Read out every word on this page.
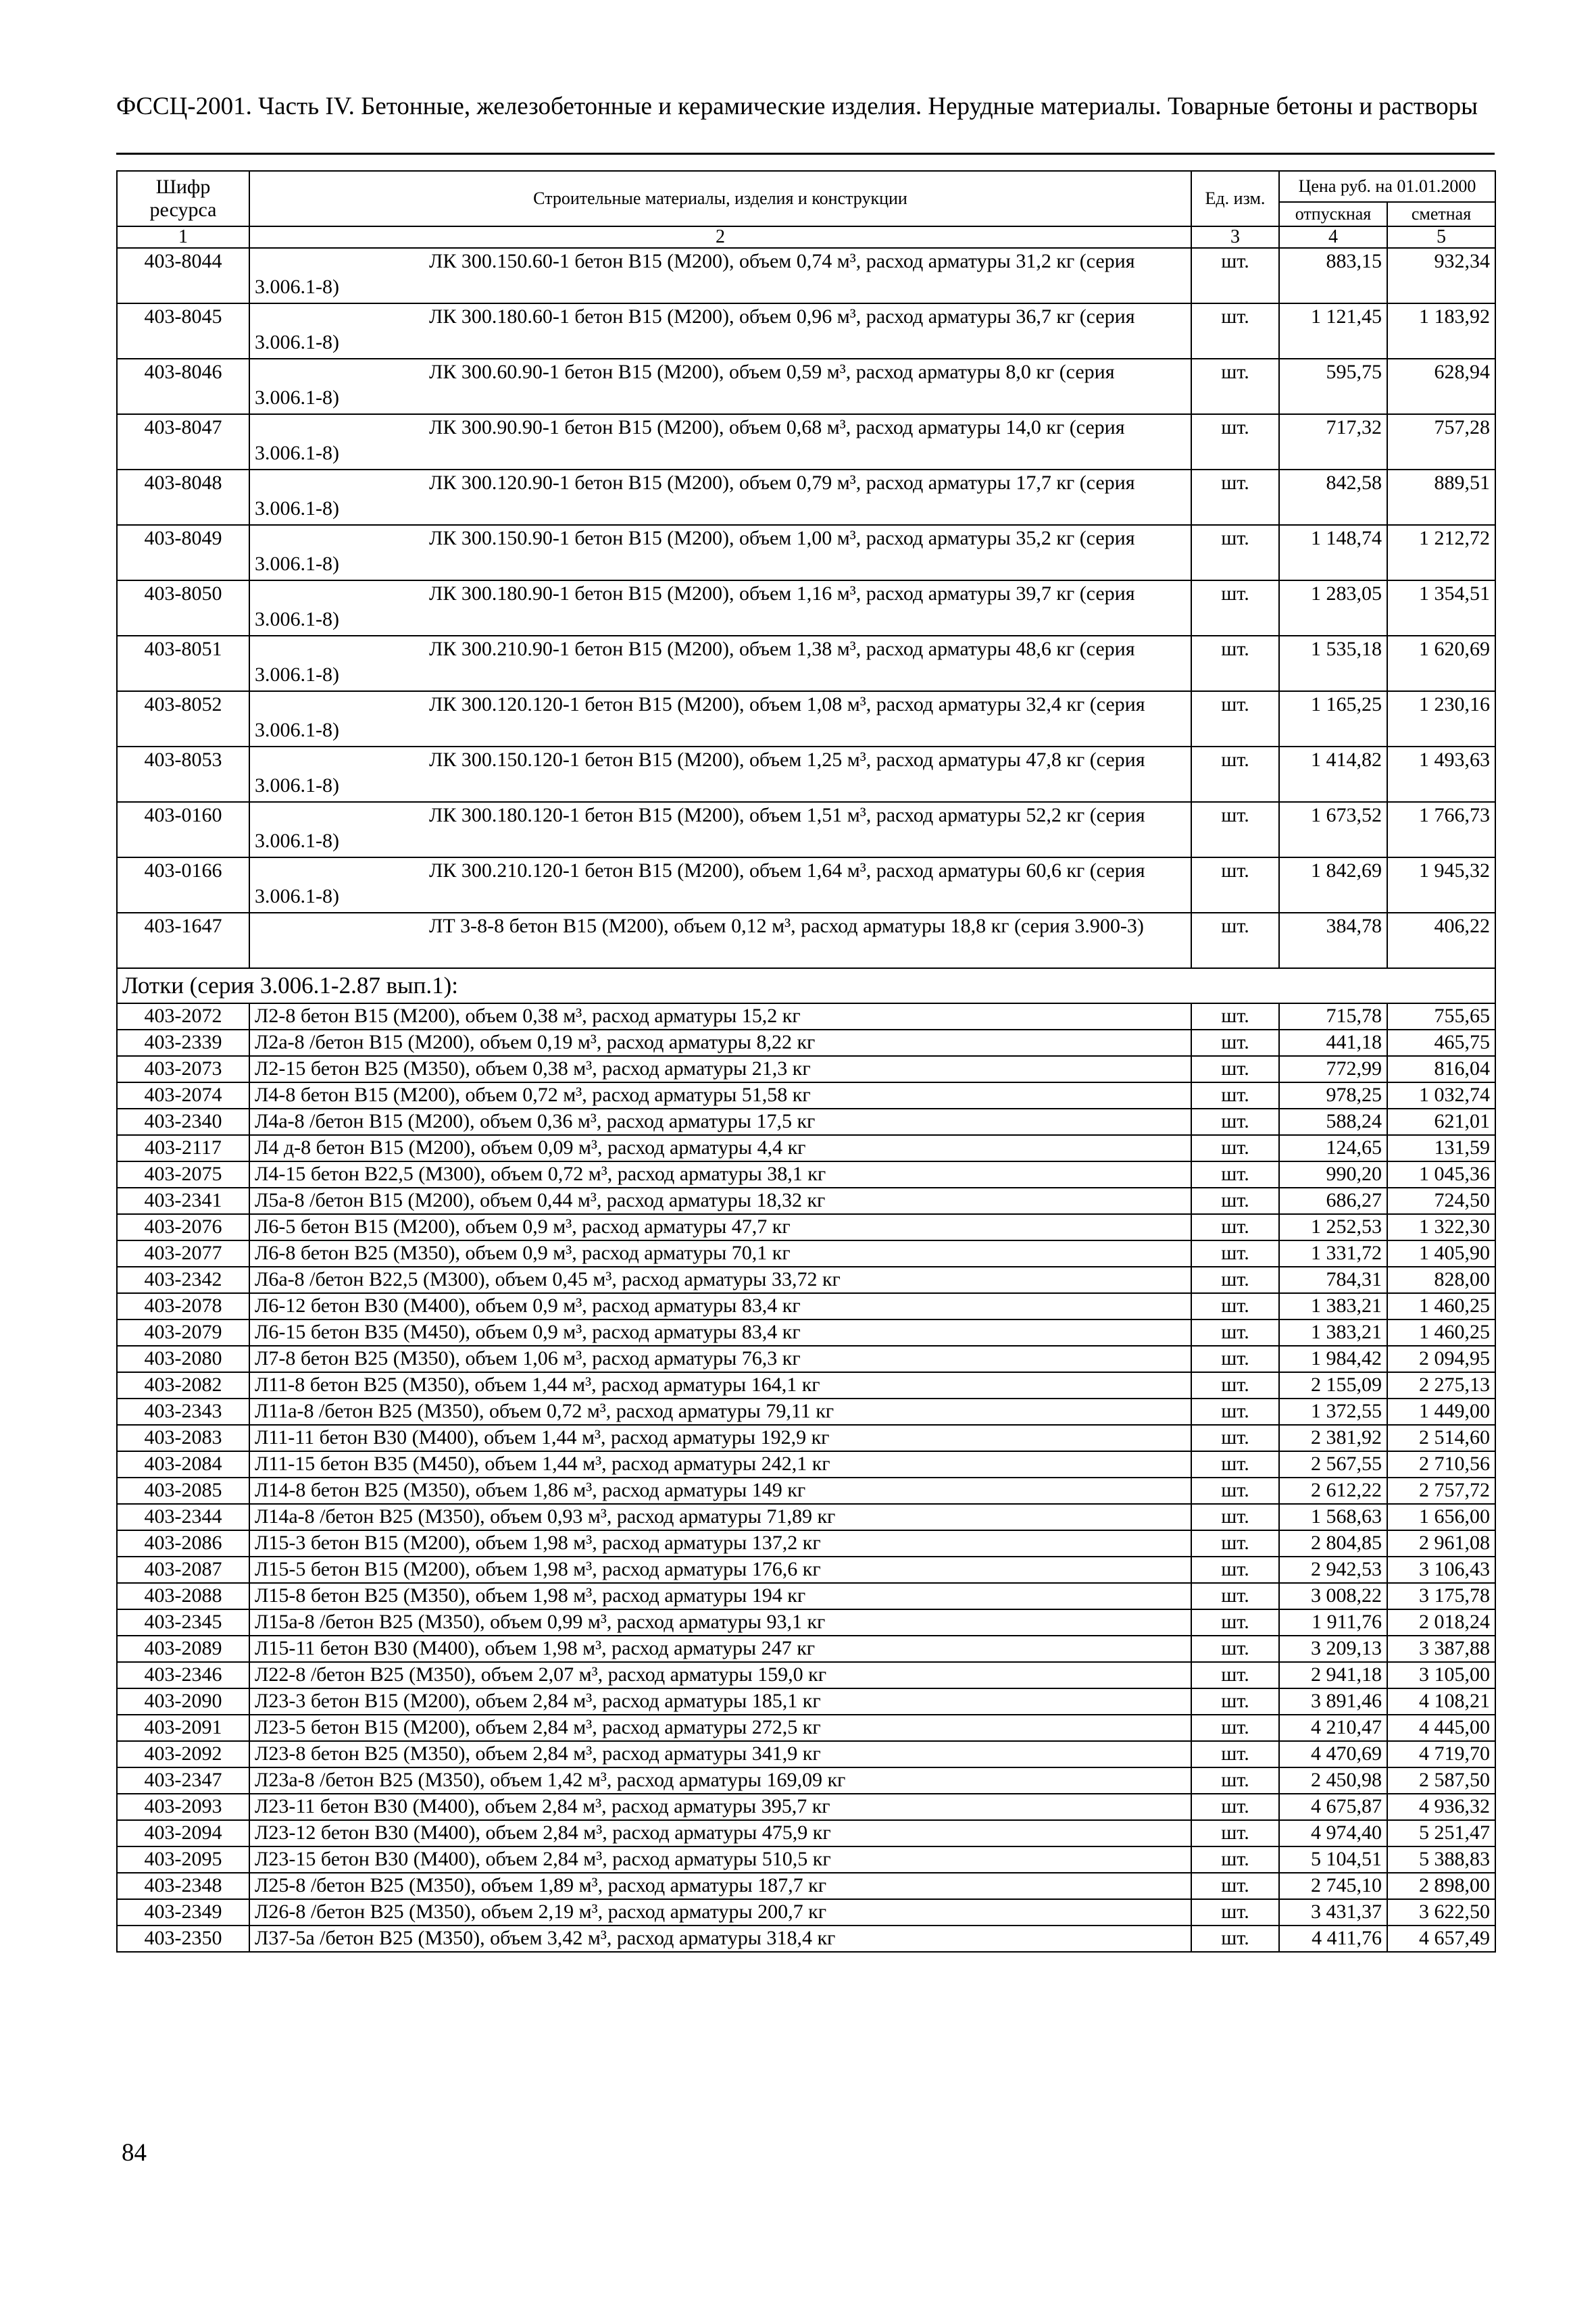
ФССЦ-2001. Часть IV. Бетонные, железобетонные и керамические изделия. Нерудные материалы. Товарные бетоны и растворы
Шифр ресурса	Строительные материалы, изделия и конструкции	Ед. изм.	Цена руб. на 01.01.2000	
			отпускная	сметная
1	2	3	4	5
403-8044	ЛК 300.150.60-1 бетон В15 (М200), объем 0,74 м³, расход арматуры 31,2 кг (серия 3.006.1-8)	шт.	883,15	932,34
403-8045	ЛК 300.180.60-1 бетон В15 (М200), объем 0,96 м³, расход арматуры 36,7 кг (серия 3.006.1-8)	шт.	1 121,45	1 183,92
403-8046	ЛК 300.60.90-1 бетон В15 (М200), объем 0,59 м³, расход арматуры 8,0 кг (серия 3.006.1-8)	шт.	595,75	628,94
403-8047	ЛК 300.90.90-1 бетон В15 (М200), объем 0,68 м³, расход арматуры 14,0 кг (серия 3.006.1-8)	шт.	717,32	757,28
403-8048	ЛК 300.120.90-1 бетон В15 (М200), объем 0,79 м³, расход арматуры 17,7 кг (серия 3.006.1-8)	шт.	842,58	889,51
403-8049	ЛК 300.150.90-1 бетон В15 (М200), объем 1,00 м³, расход арматуры 35,2 кг (серия 3.006.1-8)	шт.	1 148,74	1 212,72
403-8050	ЛК 300.180.90-1 бетон В15 (М200), объем 1,16 м³, расход арматуры 39,7 кг (серия 3.006.1-8)	шт.	1 283,05	1 354,51
403-8051	ЛК 300.210.90-1 бетон В15 (М200), объем 1,38 м³, расход арматуры 48,6 кг (серия 3.006.1-8)	шт.	1 535,18	1 620,69
403-8052	ЛК 300.120.120-1 бетон В15 (М200), объем 1,08 м³, расход арматуры 32,4 кг (серия 3.006.1-8)	шт.	1 165,25	1 230,16
403-8053	ЛК 300.150.120-1 бетон В15 (М200), объем 1,25 м³, расход арматуры 47,8 кг (серия 3.006.1-8)	шт.	1 414,82	1 493,63
403-0160	ЛК 300.180.120-1 бетон В15 (М200), объем 1,51 м³, расход арматуры 52,2 кг (серия 3.006.1-8)	шт.	1 673,52	1 766,73
403-0166	ЛК 300.210.120-1 бетон В15 (М200), объем 1,64 м³, расход арматуры 60,6 кг (серия 3.006.1-8)	шт.	1 842,69	1 945,32
403-1647	ЛТ 3-8-8 бетон В15 (М200), объем 0,12 м³, расход арматуры 18,8 кг (серия 3.900-3)	шт.	384,78	406,22
Лотки (серия 3.006.1-2.87 вып.1):				
403-2072	Л2-8 бетон В15 (М200), объем 0,38 м³, расход арматуры 15,2 кг	шт.	715,78	755,65
403-2339	Л2а-8 /бетон В15 (М200), объем 0,19 м³, расход арматуры 8,22 кг	шт.	441,18	465,75
403-2073	Л2-15 бетон В25 (М350), объем 0,38 м³, расход арматуры 21,3 кг	шт.	772,99	816,04
403-2074	Л4-8 бетон В15 (М200), объем 0,72 м³, расход арматуры 51,58 кг	шт.	978,25	1 032,74
403-2340	Л4а-8 /бетон В15 (М200), объем 0,36 м³, расход арматуры 17,5 кг	шт.	588,24	621,01
403-2117	Л4 д-8 бетон В15 (М200), объем 0,09 м³, расход арматуры 4,4 кг	шт.	124,65	131,59
403-2075	Л4-15 бетон В22,5 (М300), объем 0,72 м³, расход арматуры 38,1 кг	шт.	990,20	1 045,36
403-2341	Л5а-8 /бетон В15 (М200), объем 0,44 м³, расход арматуры 18,32 кг	шт.	686,27	724,50
403-2076	Л6-5 бетон В15 (М200), объем 0,9 м³, расход арматуры 47,7 кг	шт.	1 252,53	1 322,30
403-2077	Л6-8 бетон В25 (М350), объем 0,9 м³, расход арматуры 70,1 кг	шт.	1 331,72	1 405,90
403-2342	Л6а-8 /бетон В22,5 (М300), объем 0,45 м³, расход арматуры 33,72 кг	шт.	784,31	828,00
403-2078	Л6-12 бетон В30 (М400), объем 0,9 м³, расход арматуры 83,4 кг	шт.	1 383,21	1 460,25
403-2079	Л6-15 бетон В35 (М450), объем 0,9 м³, расход арматуры 83,4 кг	шт.	1 383,21	1 460,25
403-2080	Л7-8 бетон В25 (М350), объем 1,06 м³, расход арматуры 76,3 кг	шт.	1 984,42	2 094,95
403-2082	Л11-8 бетон В25 (М350), объем 1,44 м³, расход арматуры 164,1 кг	шт.	2 155,09	2 275,13
403-2343	Л11а-8 /бетон В25 (М350), объем 0,72 м³, расход арматуры 79,11 кг	шт.	1 372,55	1 449,00
403-2083	Л11-11 бетон В30 (М400), объем 1,44 м³, расход арматуры 192,9 кг	шт.	2 381,92	2 514,60
403-2084	Л11-15 бетон В35 (М450), объем 1,44 м³, расход арматуры 242,1 кг	шт.	2 567,55	2 710,56
403-2085	Л14-8 бетон В25 (М350), объем 1,86 м³, расход арматуры 149 кг	шт.	2 612,22	2 757,72
403-2344	Л14а-8 /бетон В25 (М350), объем 0,93 м³, расход арматуры 71,89 кг	шт.	1 568,63	1 656,00
403-2086	Л15-3 бетон В15 (М200), объем 1,98 м³, расход арматуры 137,2 кг	шт.	2 804,85	2 961,08
403-2087	Л15-5 бетон В15 (М200), объем 1,98 м³, расход арматуры 176,6 кг	шт.	2 942,53	3 106,43
403-2088	Л15-8 бетон В25 (М350), объем 1,98 м³, расход арматуры 194 кг	шт.	3 008,22	3 175,78
403-2345	Л15а-8 /бетон В25 (М350), объем 0,99 м³, расход арматуры 93,1 кг	шт.	1 911,76	2 018,24
403-2089	Л15-11 бетон В30 (М400), объем 1,98 м³, расход арматуры 247 кг	шт.	3 209,13	3 387,88
403-2346	Л22-8 /бетон В25 (М350), объем 2,07 м³, расход арматуры 159,0 кг	шт.	2 941,18	3 105,00
403-2090	Л23-3 бетон В15 (М200), объем 2,84 м³, расход арматуры 185,1 кг	шт.	3 891,46	4 108,21
403-2091	Л23-5 бетон В15 (М200), объем 2,84 м³, расход арматуры 272,5 кг	шт.	4 210,47	4 445,00
403-2092	Л23-8 бетон В25 (М350), объем 2,84 м³, расход арматуры 341,9 кг	шт.	4 470,69	4 719,70
403-2347	Л23а-8 /бетон В25 (М350), объем 1,42 м³, расход арматуры 169,09 кг	шт.	2 450,98	2 587,50
403-2093	Л23-11 бетон В30 (М400), объем 2,84 м³, расход арматуры 395,7 кг	шт.	4 675,87	4 936,32
403-2094	Л23-12 бетон В30 (М400), объем 2,84 м³, расход арматуры 475,9 кг	шт.	4 974,40	5 251,47
403-2095	Л23-15 бетон В30 (М400), объем 2,84 м³, расход арматуры 510,5 кг	шт.	5 104,51	5 388,83
403-2348	Л25-8 /бетон В25 (М350), объем 1,89 м³, расход арматуры 187,7 кг	шт.	2 745,10	2 898,00
403-2349	Л26-8 /бетон В25 (М350), объем 2,19 м³, расход арматуры 200,7 кг	шт.	3 431,37	3 622,50
403-2350	Л37-5а /бетон В25 (М350), объем 3,42 м³, расход арматуры 318,4 кг	шт.	4 411,76	4 657,49
84
